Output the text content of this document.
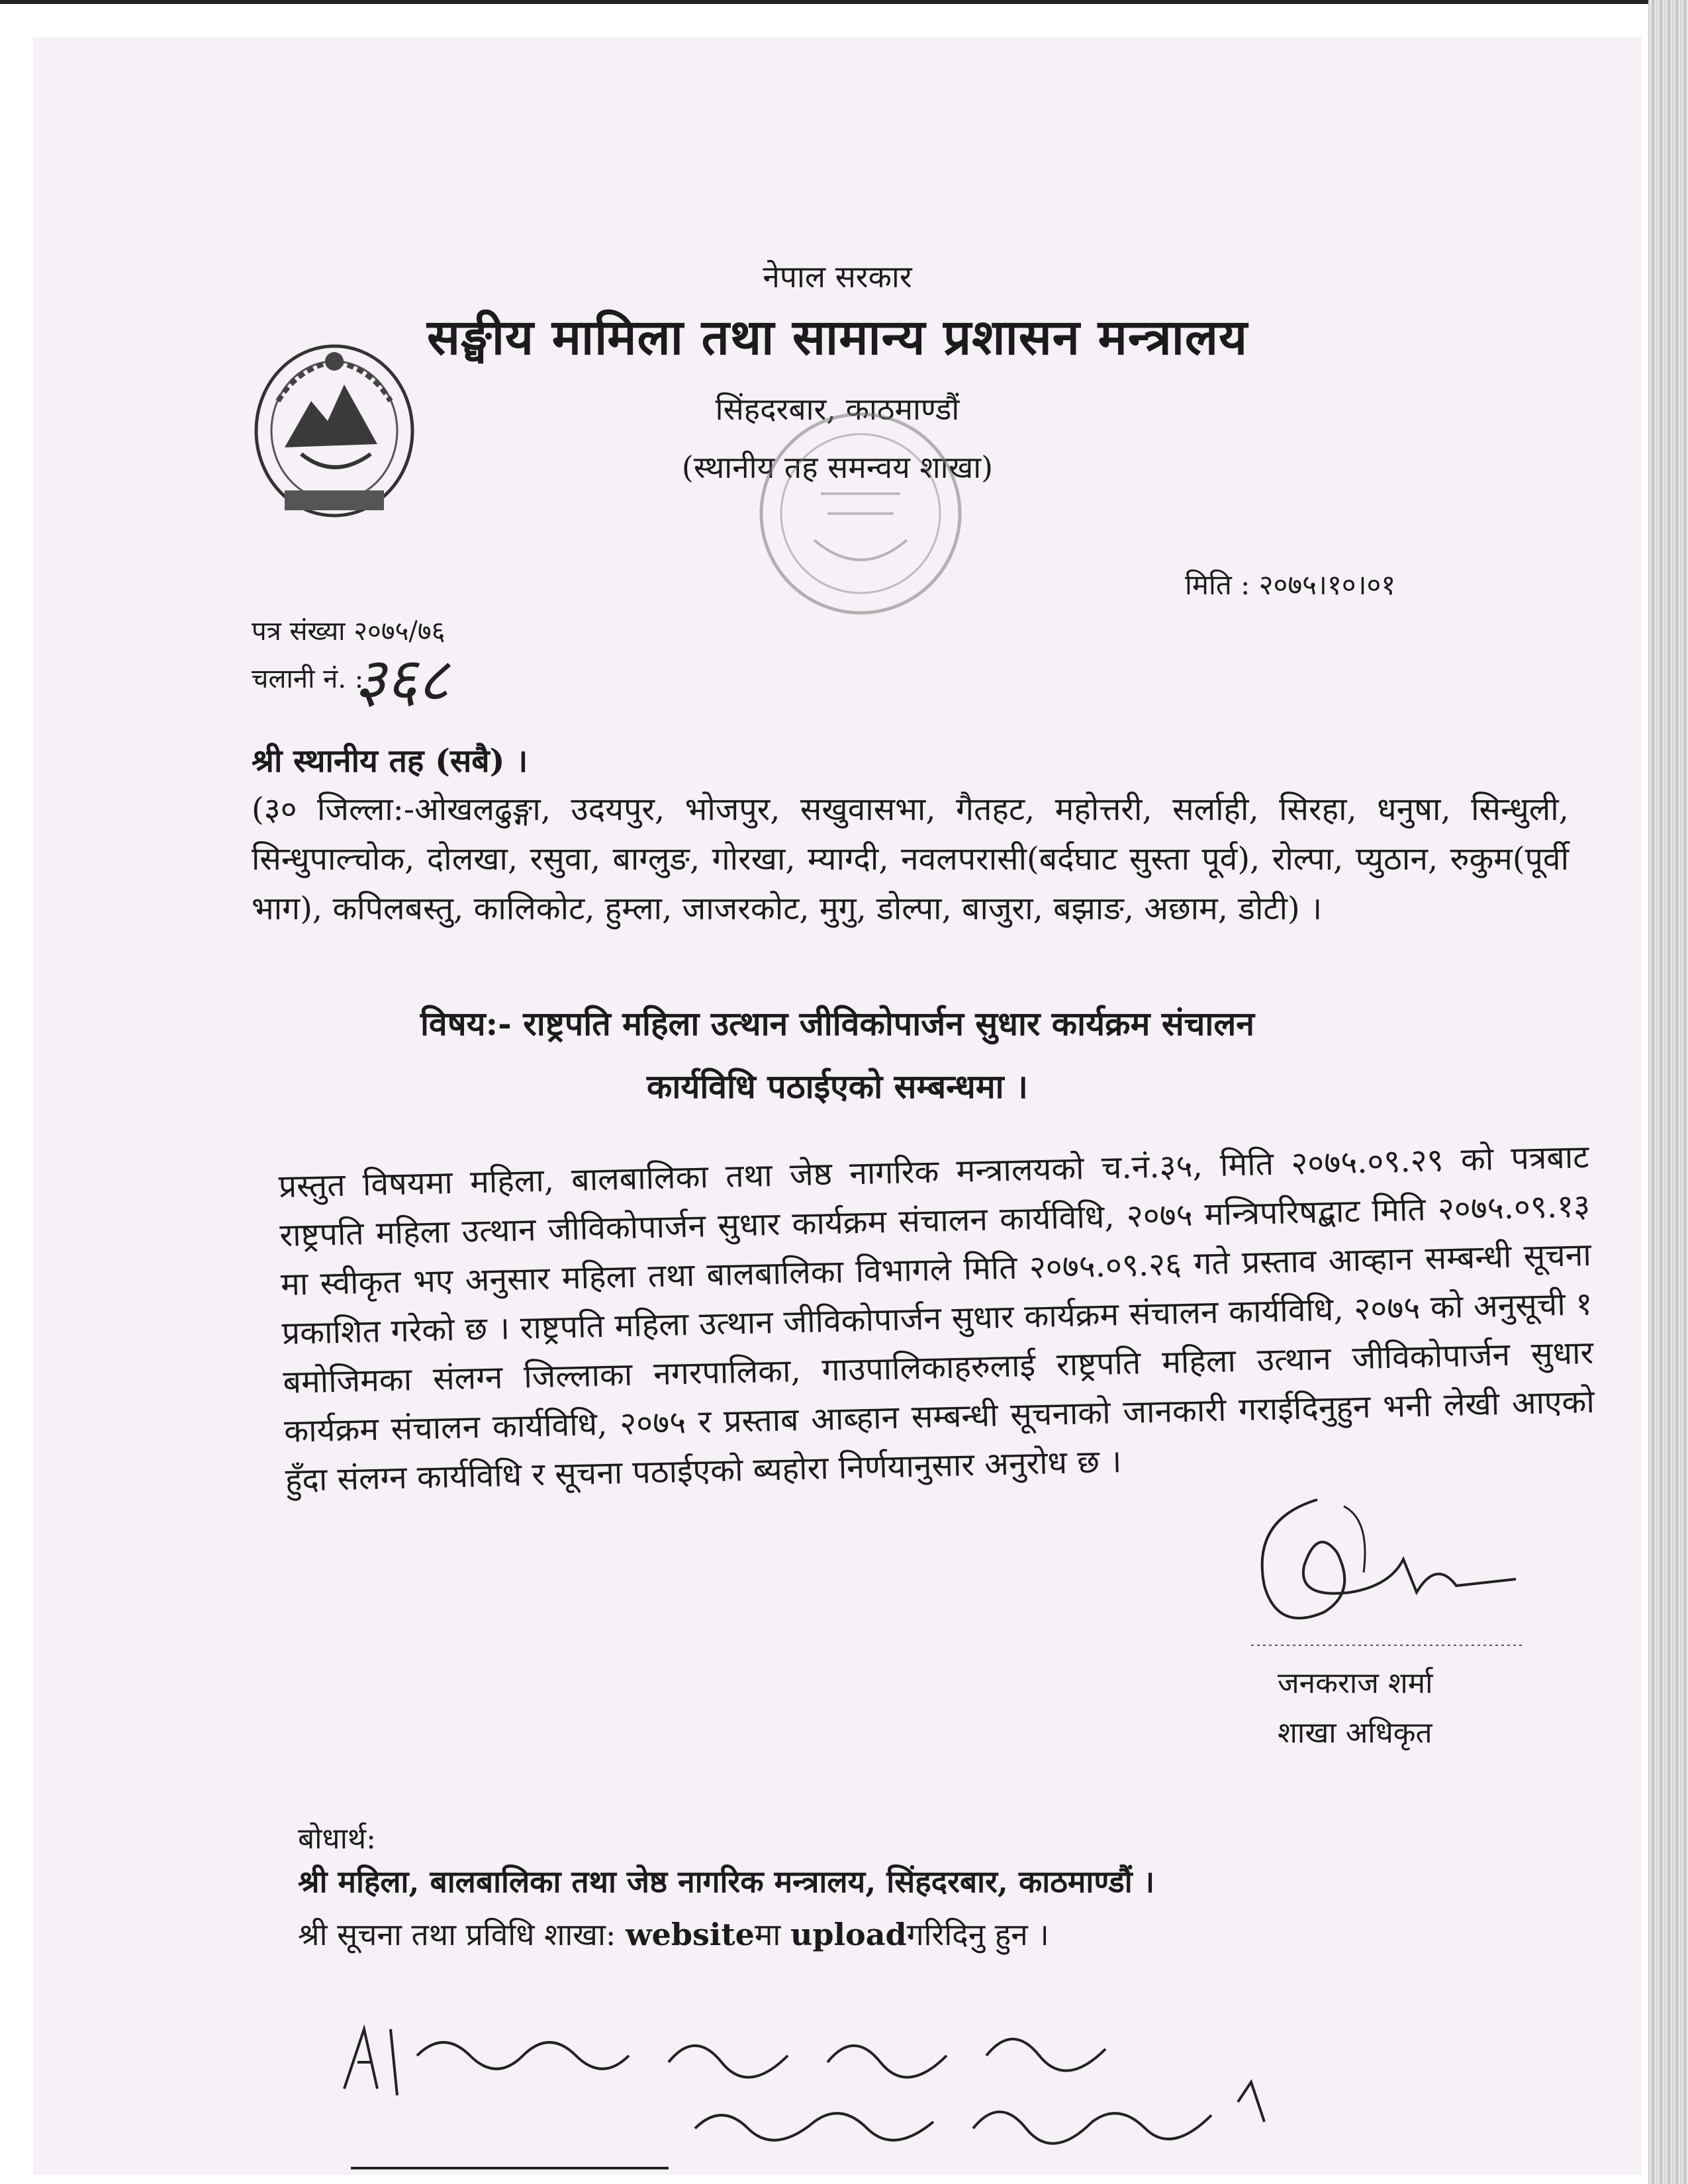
नेपाल सरकार

सङ्घीय मामिला तथा सामान्य प्रशासन मन्त्रालय

सिंहदरबार, काठमाण्डौं

(स्थानीय तह समन्वय शाखा)

मिति : २०७५।१०।०१

पत्र संख्या २०७५/७६

चलानी नं. :

३६८

श्री स्थानीय तह (सबै) ।

(३० जिल्ला:-ओखलढुङ्गा, उदयपुर, भोजपुर, सखुवासभा, गैतहट, महोत्तरी, सर्लाही, सिरहा, धनुषा, सिन्धुली, सिन्धुपाल्चोक, दोलखा, रसुवा, बाग्लुङ, गोरखा, म्याग्दी, नवलपरासी(बर्दघाट सुस्ता पूर्व), रोल्पा, प्युठान, रुकुम(पूर्वी भाग), कपिलबस्तु, कालिकोट, हुम्ला, जाजरकोट, मुगु, डोल्पा, बाजुरा, बझाङ, अछाम, डोटी) ।

विषय:- राष्ट्रपति महिला उत्थान जीविकोपार्जन सुधार कार्यक्रम संचालन

कार्यविधि पठाईएको सम्बन्धमा ।

प्रस्तुत विषयमा महिला, बालबालिका तथा जेष्ठ नागरिक मन्त्रालयको च.नं.३५, मिति २०७५.०९.२९ को पत्रबाट राष्ट्रपति महिला उत्थान जीविकोपार्जन सुधार कार्यक्रम संचालन कार्यविधि, २०७५ मन्त्रिपरिषद्बाट मिति २०७५.०९.१३ मा स्वीकृत भए अनुसार महिला तथा बालबालिका विभागले मिति २०७५.०९.२६ गते प्रस्ताव आव्हान सम्बन्धी सूचना प्रकाशित गरेको छ । राष्ट्रपति महिला उत्थान जीविकोपार्जन सुधार कार्यक्रम संचालन कार्यविधि, २०७५ को अनुसूची १ बमोजिमका संलग्न जिल्लाका नगरपालिका, गाउपालिकाहरुलाई राष्ट्रपति महिला उत्थान जीविकोपार्जन सुधार कार्यक्रम संचालन कार्यविधि, २०७५ र प्रस्ताब आब्हान सम्बन्धी सूचनाको जानकारी गराईदिनुहुन भनी लेखी आएको हुँदा संलग्न कार्यविधि र सूचना पठाईएको ब्यहोरा निर्णयानुसार अनुरोध छ ।

जनकराज शर्मा

शाखा अधिकृत

बोधार्थ:

श्री महिला, बालबालिका तथा जेष्ठ नागरिक मन्त्रालय, सिंहदरबार, काठमाण्डौं ।

श्री सूचना तथा प्रविधि शाखा: websiteमा uploadगरिदिनु हुन ।
